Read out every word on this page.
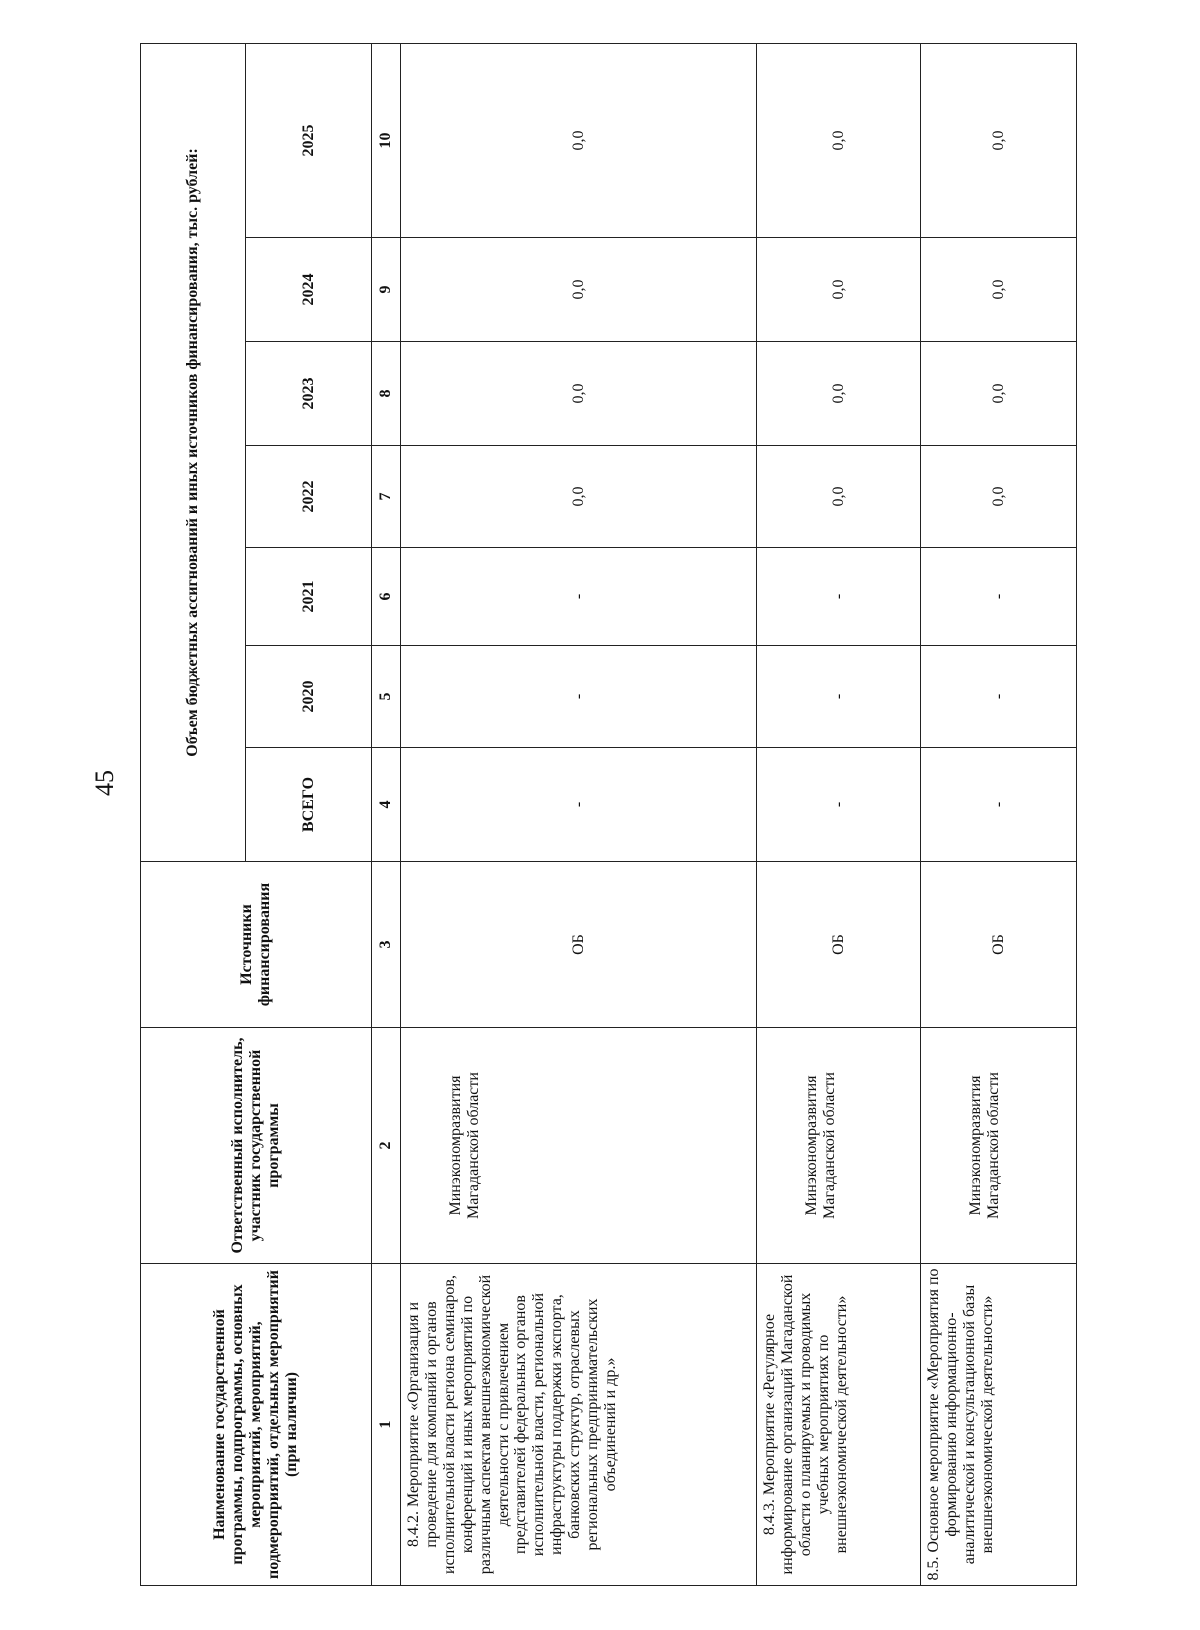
45
Наименование государственной программы, подпрограммы, основных мероприятий, мероприятий, подмероприятий, отдельных мероприятий (при наличии)	Ответственный исполнитель, участник государственной программы	Источники финансирования	Объем бюджетных ассигнований и иных источников финансирования, тыс. рублей:						
			ВСЕГО	2020	2021	2022	2023	2024	2025
1	2	3	4	5	6	7	8	9	10
8.4.2. Мероприятие «Организация и проведение для компаний и органов исполнительной власти региона семинаров, конференций и иных мероприятий по различным аспектам внешнеэкономической деятельности с привлечением представителей федеральных органов исполнительной власти, региональной инфраструктуры поддержки экспорта, банковских структур, отраслевых региональных предпринимательских объединений и др.»	Минэкономразвития Магаданской области	ОБ	-	-	-	0,0	0,0	0,0	0,0
8.4.3. Мероприятие «Регулярное информирование организаций Магаданской области о планируемых и проводимых учебных мероприятиях по внешнеэкономической деятельности»	Минэкономразвития Магаданской области	ОБ	-	-	-	0,0	0,0	0,0	0,0
8.5. Основное мероприятие «Мероприятия по формированию информационно-аналитической и консультационной базы внешнеэкономической деятельности»	Минэкономразвития Магаданской области	ОБ	-	-	-	0,0	0,0	0,0	0,0
